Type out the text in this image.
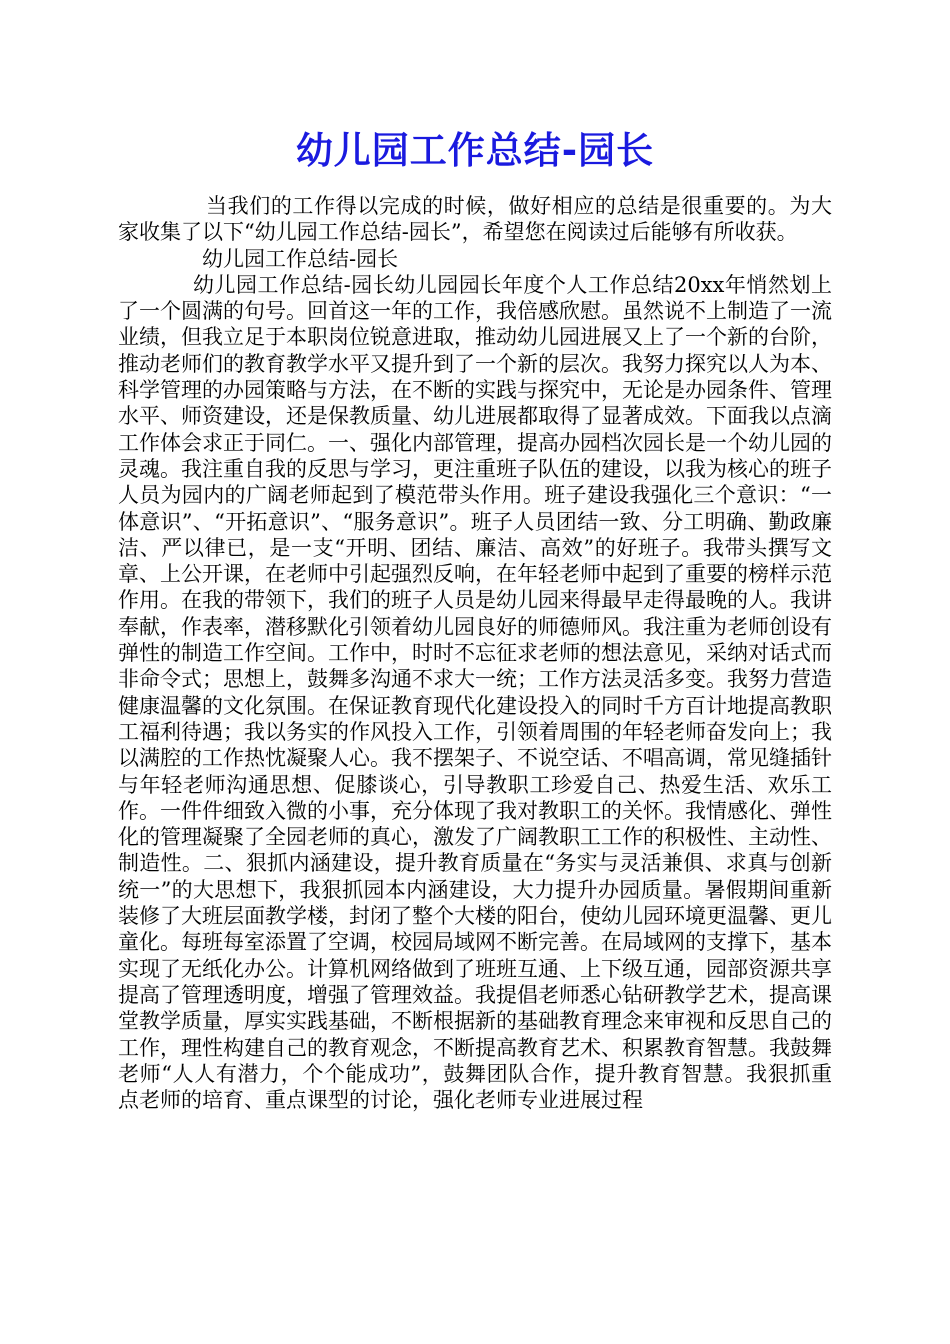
幼儿园工作总结-园长

当我们的工作得以完成的时候，做好相应的总结是很重要的。为大家收集了以下“幼儿园工作总结-园长”，希望您在阅读过后能够有所收获。

幼儿园工作总结-园长

幼儿园工作总结-园长幼儿园园长年度个人工作总结20xx年悄然划上了一个圆满的句号。回首这一年的工作，我倍感欣慰。虽然说不上制造了一流业绩，但我立足于本职岗位锐意进取，推动幼儿园进展又上了一个新的台阶，推动老师们的教育教学水平又提升到了一个新的层次。我努力探究以人为本、科学管理的办园策略与方法，在不断的实践与探究中，无论是办园条件、管理水平、师资建设，还是保教质量、幼儿进展都取得了显著成效。下面我以点滴工作体会求正于同仁。一、强化内部管理，提高办园档次园长是一个幼儿园的灵魂。我注重自我的反思与学习，更注重班子队伍的建设，以我为核心的班子人员为园内的广阔老师起到了模范带头作用。班子建设我强化三个意识：“一体意识”、“开拓意识”、“服务意识”。班子人员团结一致、分工明确、勤政廉洁、严以律已，是一支“开明、团结、廉洁、高效”的好班子。我带头撰写文章、上公开课，在老师中引起强烈反响，在年轻老师中起到了重要的榜样示范作用。在我的带领下，我们的班子人员是幼儿园来得最早走得最晚的人。我讲奉献，作表率，潜移默化引领着幼儿园良好的师德师风。我注重为老师创设有弹性的制造工作空间。工作中，时时不忘征求老师的想法意见，采纳对话式而非命令式；思想上，鼓舞多沟通不求大一统；工作方法灵活多变。我努力营造健康温馨的文化氛围。在保证教育现代化建设投入的同时千方百计地提高教职工福利待遇；我以务实的作风投入工作，引领着周围的年轻老师奋发向上；我以满腔的工作热忱凝聚人心。我不摆架子、不说空话、不唱高调，常见缝插针与年轻老师沟通思想、促膝谈心，引导教职工珍爱自己、热爱生活、欢乐工作。一件件细致入微的小事，充分体现了我对教职工的关怀。我情感化、弹性化的管理凝聚了全园老师的真心，激发了广阔教职工工作的积极性、主动性、制造性。二、狠抓内涵建设，提升教育质量在“务实与灵活兼俱、求真与创新统一”的大思想下，我狠抓园本内涵建设，大力提升办园质量。暑假期间重新装修了大班层面教学楼，封闭了整个大楼的阳台，使幼儿园环境更温馨、更儿童化。每班每室添置了空调，校园局域网不断完善。在局域网的支撑下，基本实现了无纸化办公。计算机网络做到了班班互通、上下级互通，园部资源共享提高了管理透明度，增强了管理效益。我提倡老师悉心钻研教学艺术，提高课堂教学质量，厚实实践基础，不断根据新的基础教育理念来审视和反思自己的工作，理性构建自己的教育观念，不断提高教育艺术、积累教育智慧。我鼓舞老师“人人有潜力，个个能成功”，鼓舞团队合作，提升教育智慧。我狠抓重点老师的培育、重点课型的讨论，强化老师专业进展过程
